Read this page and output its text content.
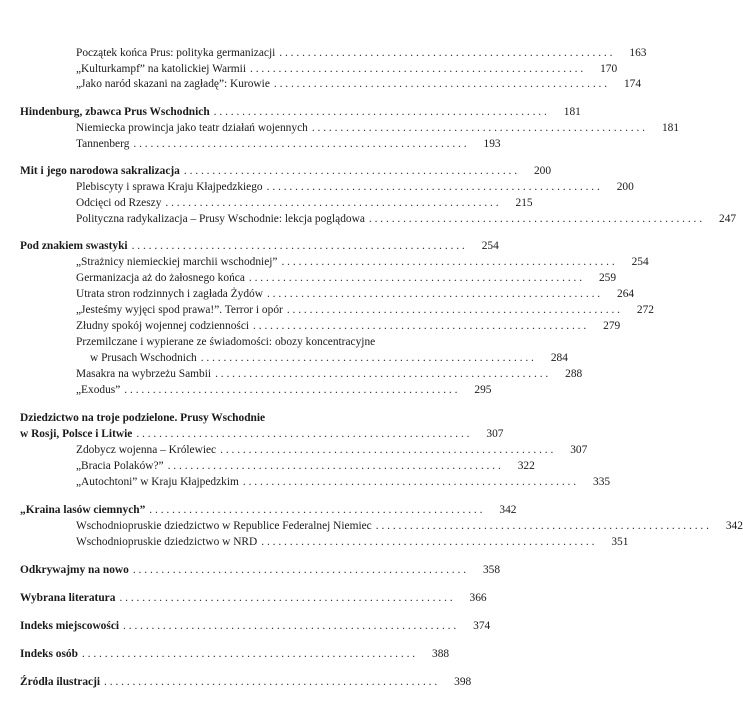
Początek końca Prus: polityka germanizacji . . . . . . . . . . . . . . . . . . . . . . . . . . . . . . . . . . . . . . . . . . . . . . . . . . . . . . . . . . .	163
„Kulturkampf” na katolickiej Warmii . . . . . . . . . . . . . . . . . . . . . . . . . . . . . . . . . . . . . . . . . . . . . . . . . . . . . . . . . . .	170
„Jako naród skazani na zagładę”: Kurowie . . . . . . . . . . . . . . . . . . . . . . . . . . . . . . . . . . . . . . . . . . . . . . . . . . . . . . . . . . .	174
Hindenburg, zbawca Prus Wschodnich . . . . . . . . . . . . . . . . . . . . . . . . . . . . . . . . . . . . . . . . . . . . . . . . . . . . . . . . . . .	181
Niemiecka prowincja jako teatr działań wojennych . . . . . . . . . . . . . . . . . . . . . . . . . . . . . . . . . . . . . . . . . . . . . . . . . . . . . . . . . . .	181
Tannenberg . . . . . . . . . . . . . . . . . . . . . . . . . . . . . . . . . . . . . . . . . . . . . . . . . . . . . . . . . . .	193
Mit i jego narodowa sakralizacja . . . . . . . . . . . . . . . . . . . . . . . . . . . . . . . . . . . . . . . . . . . . . . . . . . . . . . . . . . .	200
Plebiscyty i sprawa Kraju Kłajpedzkiego . . . . . . . . . . . . . . . . . . . . . . . . . . . . . . . . . . . . . . . . . . . . . . . . . . . . . . . . . . .	200
Odcięci od Rzeszy . . . . . . . . . . . . . . . . . . . . . . . . . . . . . . . . . . . . . . . . . . . . . . . . . . . . . . . . . . .	215
Polityczna radykalizacja – Prusy Wschodnie: lekcja poglądowa . . . . . . . . . . . . . . . . . . . . . . . . . . . . . . . . . . . . . . . . . . . . . . . . . . . . . . . . . . .	247
Pod znakiem swastyki . . . . . . . . . . . . . . . . . . . . . . . . . . . . . . . . . . . . . . . . . . . . . . . . . . . . . . . . . . .	254
„Strażnicy niemieckiej marchii wschodniej” . . . . . . . . . . . . . . . . . . . . . . . . . . . . . . . . . . . . . . . . . . . . . . . . . . . . . . . . . . .	254
Germanizacja aż do żałosnego końca . . . . . . . . . . . . . . . . . . . . . . . . . . . . . . . . . . . . . . . . . . . . . . . . . . . . . . . . . . .	259
Utrata stron rodzinnych i zagłada Żydów . . . . . . . . . . . . . . . . . . . . . . . . . . . . . . . . . . . . . . . . . . . . . . . . . . . . . . . . . . .	264
„Jesteśmy wyjęci spod prawa!”. Terror i opór . . . . . . . . . . . . . . . . . . . . . . . . . . . . . . . . . . . . . . . . . . . . . . . . . . . . . . . . . . .	272
Złudny spokój wojennej codzienności . . . . . . . . . . . . . . . . . . . . . . . . . . . . . . . . . . . . . . . . . . . . . . . . . . . . . . . . . . .	279
Przemilczane i wypierane ze świadomości: obozy koncentracyjne
w Prusach Wschodnich . . . . . . . . . . . . . . . . . . . . . . . . . . . . . . . . . . . . . . . . . . . . . . . . . . . . . . . . . . .	284
Masakra na wybrzeżu Sambii . . . . . . . . . . . . . . . . . . . . . . . . . . . . . . . . . . . . . . . . . . . . . . . . . . . . . . . . . . .	288
„Exodus” . . . . . . . . . . . . . . . . . . . . . . . . . . . . . . . . . . . . . . . . . . . . . . . . . . . . . . . . . . .	295
Dziedzictwo na troje podzielone. Prusy Wschodnie
w Rosji, Polsce i Litwie . . . . . . . . . . . . . . . . . . . . . . . . . . . . . . . . . . . . . . . . . . . . . . . . . . . . . . . . . . .	307
Zdobycz wojenna – Królewiec . . . . . . . . . . . . . . . . . . . . . . . . . . . . . . . . . . . . . . . . . . . . . . . . . . . . . . . . . . .	307
„Bracia Polaków?” . . . . . . . . . . . . . . . . . . . . . . . . . . . . . . . . . . . . . . . . . . . . . . . . . . . . . . . . . . .	322
„Autochtoni” w Kraju Kłajpedzkim . . . . . . . . . . . . . . . . . . . . . . . . . . . . . . . . . . . . . . . . . . . . . . . . . . . . . . . . . . .	335
„Kraina lasów ciemnych” . . . . . . . . . . . . . . . . . . . . . . . . . . . . . . . . . . . . . . . . . . . . . . . . . . . . . . . . . . .	342
Wschodniopruskie dziedzictwo w Republice Federalnej Niemiec . . . . . . . . . . . . . . . . . . . . . . . . . . . . . . . . . . . . . . . . . . . . . . . . . . . . . . . . . . .	342
Wschodniopruskie dziedzictwo w NRD . . . . . . . . . . . . . . . . . . . . . . . . . . . . . . . . . . . . . . . . . . . . . . . . . . . . . . . . . . .	351
Odkrywajmy na nowo . . . . . . . . . . . . . . . . . . . . . . . . . . . . . . . . . . . . . . . . . . . . . . . . . . . . . . . . . . .	358
Wybrana literatura . . . . . . . . . . . . . . . . . . . . . . . . . . . . . . . . . . . . . . . . . . . . . . . . . . . . . . . . . . .	366
Indeks miejscowości . . . . . . . . . . . . . . . . . . . . . . . . . . . . . . . . . . . . . . . . . . . . . . . . . . . . . . . . . . .	374
Indeks osób . . . . . . . . . . . . . . . . . . . . . . . . . . . . . . . . . . . . . . . . . . . . . . . . . . . . . . . . . . .	388
Źródła ilustracji . . . . . . . . . . . . . . . . . . . . . . . . . . . . . . . . . . . . . . . . . . . . . . . . . . . . . . . . . . .	398
